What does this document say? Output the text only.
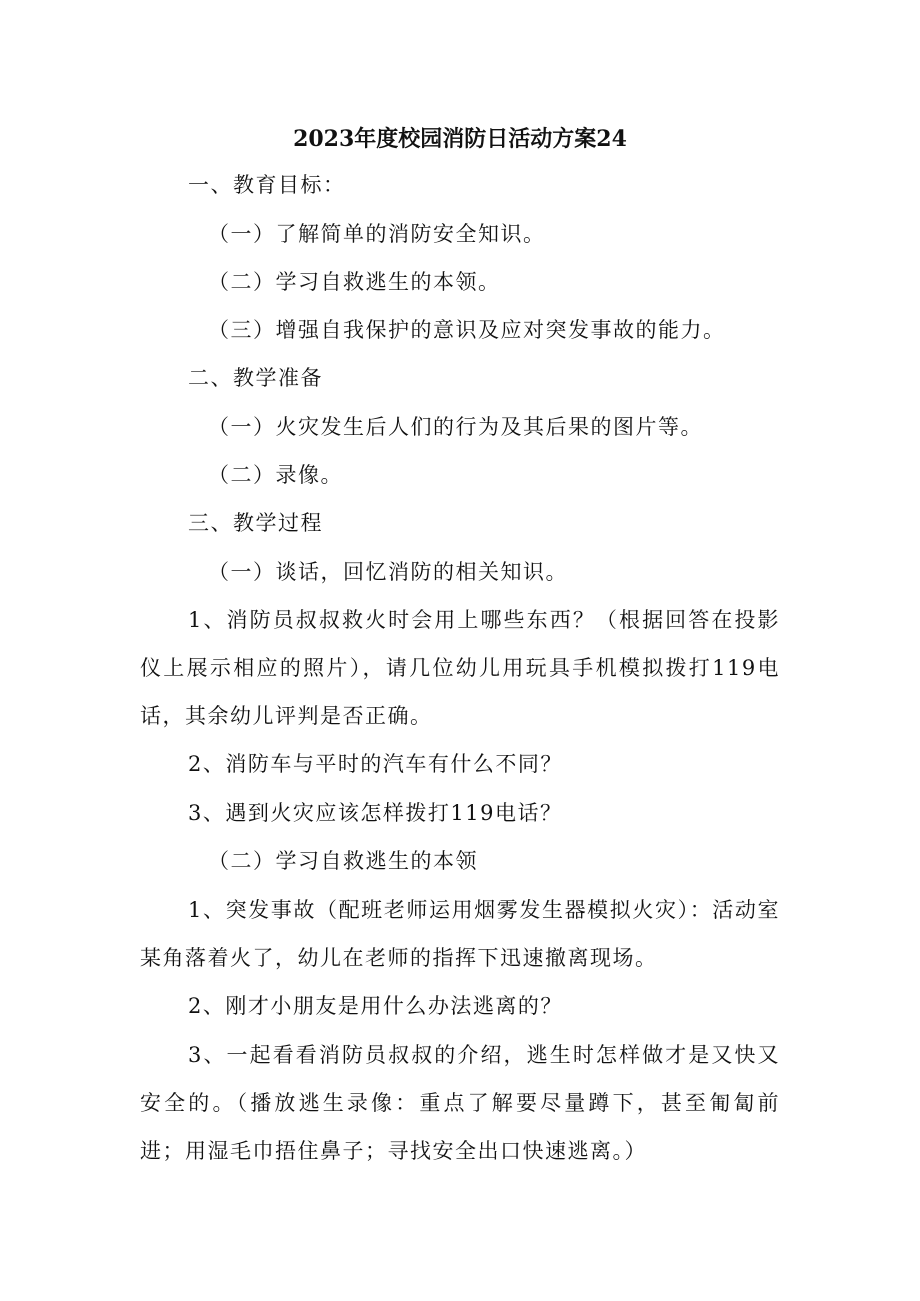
2023年度校园消防日活动方案24
一、教育目标：
（一）了解简单的消防安全知识。
（二）学习自救逃生的本领。
（三）增强自我保护的意识及应对突发事故的能力。
二、教学准备
（一）火灾发生后人们的行为及其后果的图片等。
（二）录像。
三、教学过程
（一）谈话，回忆消防的相关知识。
1、消防员叔叔救火时会用上哪些东西？（根据回答在投影仪上展示相应的照片），请几位幼儿用玩具手机模拟拨打119电话，其余幼儿评判是否正确。
2、消防车与平时的汽车有什么不同？
3、遇到火灾应该怎样拨打119电话？
（二）学习自救逃生的本领
1、突发事故（配班老师运用烟雾发生器模拟火灾）：活动室某角落着火了，幼儿在老师的指挥下迅速撤离现场。
2、刚才小朋友是用什么办法逃离的？
3、一起看看消防员叔叔的介绍，逃生时怎样做才是又快又安全的。（播放逃生录像：重点了解要尽量蹲下，甚至匍匐前进；用湿毛巾捂住鼻子；寻找安全出口快速逃离。）
